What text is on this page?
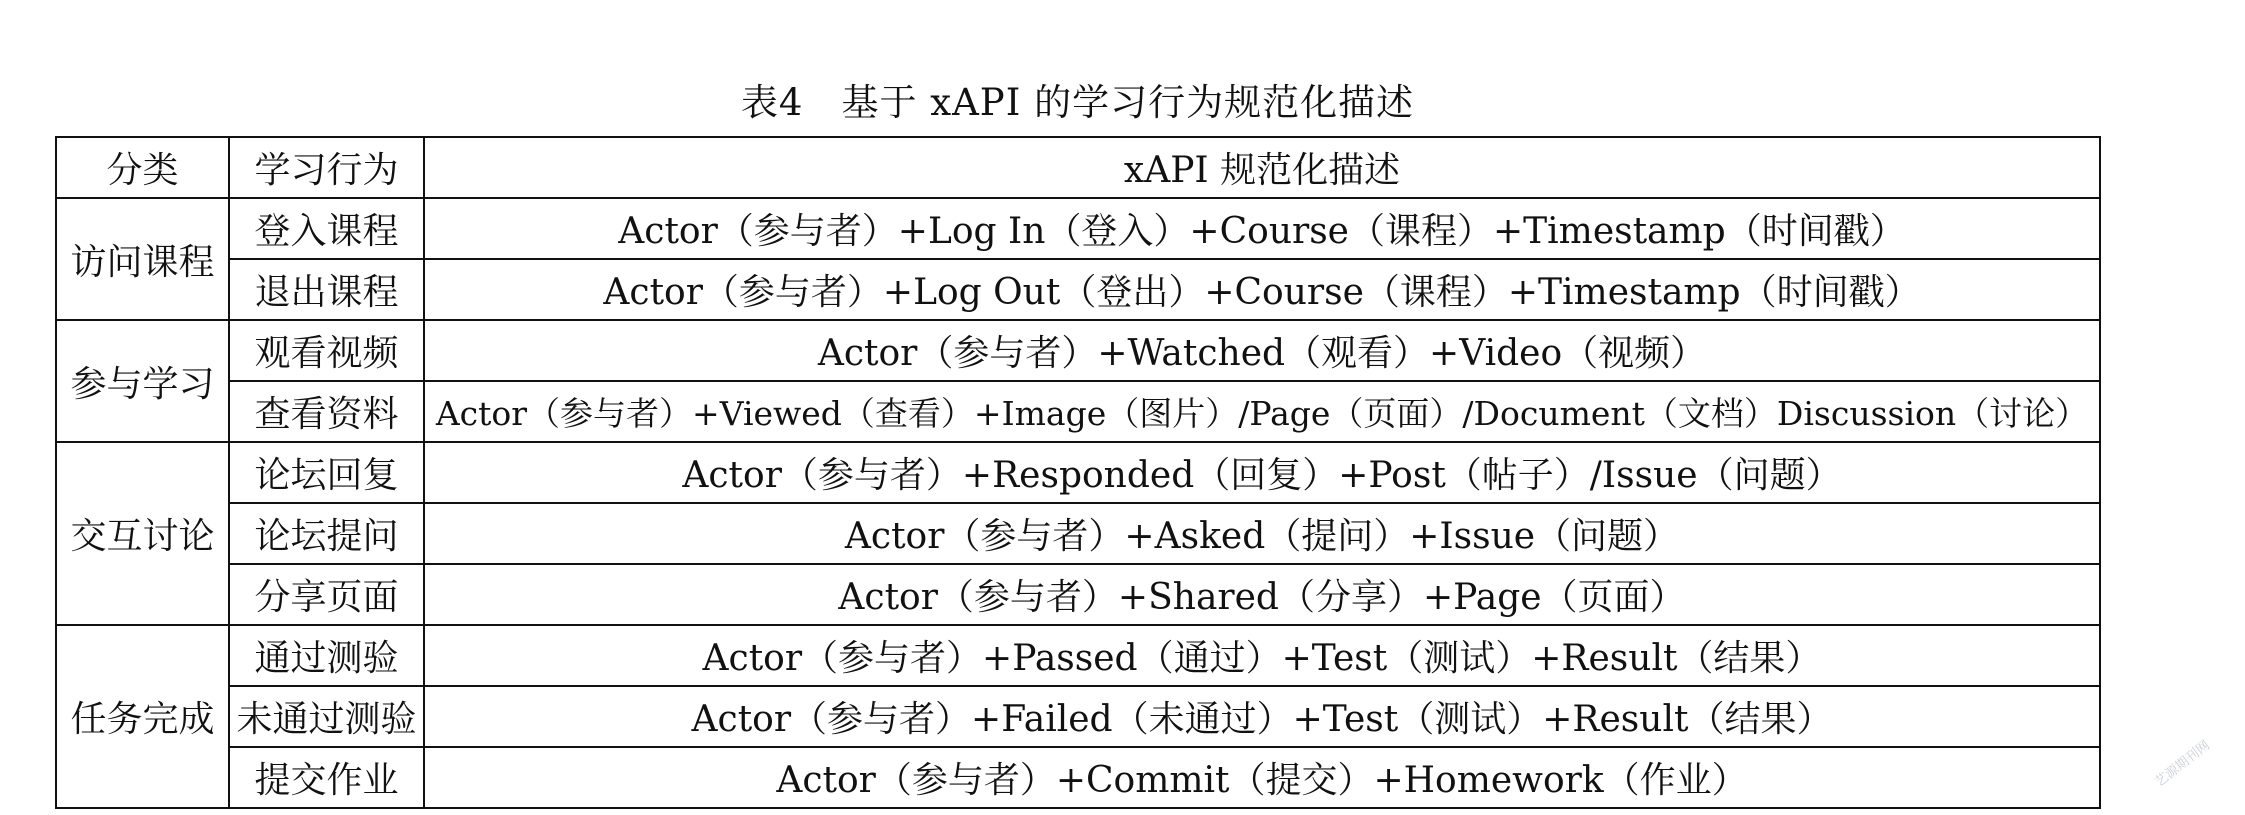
表4　基于 xAPI 的学习行为规范化描述
分类	学习行为	xAPI 规范化描述
访问课程	登入课程	Actor（参与者）+Log In（登入）+Course（课程）+Timestamp（时间戳）
	退出课程	Actor（参与者）+Log Out（登出）+Course（课程）+Timestamp（时间戳）
参与学习	观看视频	Actor（参与者）+Watched（观看）+Video（视频）
	查看资料	Actor（参与者）+Viewed（查看）+Image（图片）/Page（页面）/Document（文档）Discussion（讨论）
交互讨论	论坛回复	Actor（参与者）+Responded（回复）+Post（帖子）/Issue（问题）
	论坛提问	Actor（参与者）+Asked（提问）+Issue（问题）
	分享页面	Actor（参与者）+Shared（分享）+Page（页面）
任务完成	通过测验	Actor（参与者）+Passed（通过）+Test（测试）+Result（结果）
	未通过测验	Actor（参与者）+Failed（未通过）+Test（测试）+Result（结果）
	提交作业	Actor（参与者）+Commit（提交）+Homework（作业）	艺源期刊网
